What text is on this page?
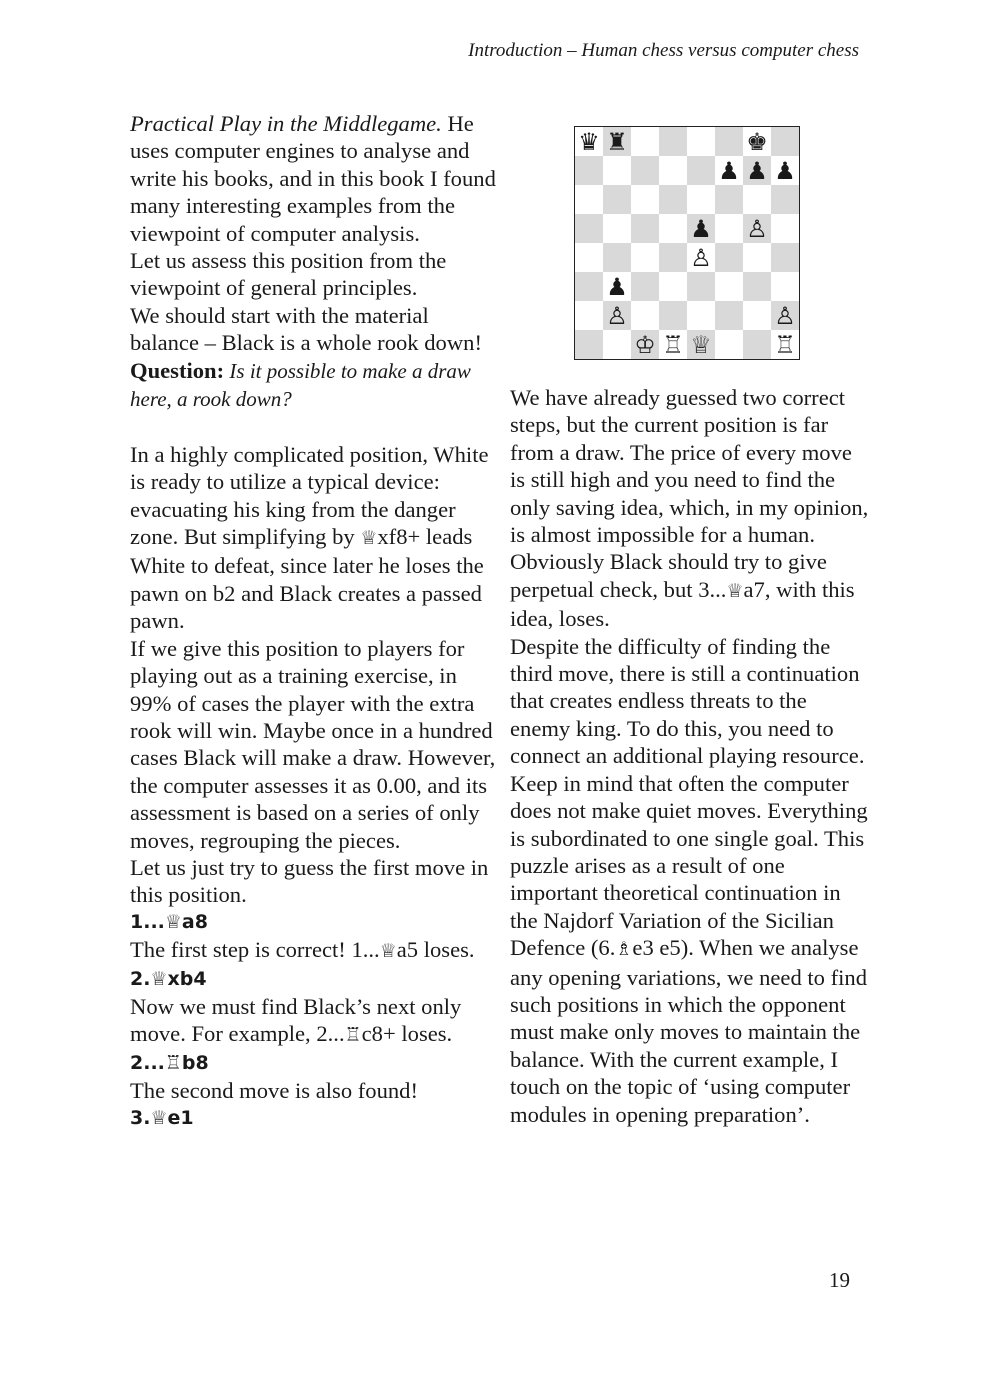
Introduction – Human chess versus computer chess
♛ ♜	♚
♟ ♟ ♟
♟ ♙
♙
♟
♙	♙
♔ ♖ ♕	♖

Practical Play in the Middlegame. He uses computer engines to analyse and write his books, and in this book I found many interesting examples from the viewpoint of computer analysis.

Let us assess this position from the viewpoint of general principles.

We should start with the material balance – Black is a whole rook down!

Question: Is it possible to make a draw here, a rook down?

In a highly complicated position, White is ready to utilize a typical device: evacuating his king from the danger zone. But simplifying by ♕xf8+ leads White to defeat, since later he loses the pawn on b2 and Black creates a passed pawn.

If we give this position to players for playing out as a training exercise, in 99% of cases the player with the extra rook will win. Maybe once in a hundred cases Black will make a draw. However, the computer assesses it as 0.00, and its assessment is based on a series of only moves, regrouping the pieces.

Let us just try to guess the first move in this position.

1...♕a8

The first step is correct! 1...♕a5 loses.

2.♕xb4

Now we must find Black’s next only move. For example, 2...♖c8+ loses.

2...♖b8

The second move is also found!

3.♕e1

We have already guessed two correct steps, but the current position is far from a draw. The price of every move is still high and you need to find the only saving idea, which, in my opinion, is almost impossible for a human. Obviously Black should try to give perpetual check, but 3...♕a7, with this idea, loses.

Despite the difficulty of finding the third move, there is still a continuation that creates endless threats to the enemy king. To do this, you need to connect an additional playing resource. Keep in mind that often the computer does not make quiet moves. Everything is subordinated to one single goal. This puzzle arises as a result of one important theoretical continuation in the Najdorf Variation of the Sicilian Defence (6.♗e3 e5). When we analyse any opening variations, we need to find such positions in which the opponent must make only moves to maintain the balance. With the current example, I touch on the topic of ‘using computer modules in opening preparation’.

19
